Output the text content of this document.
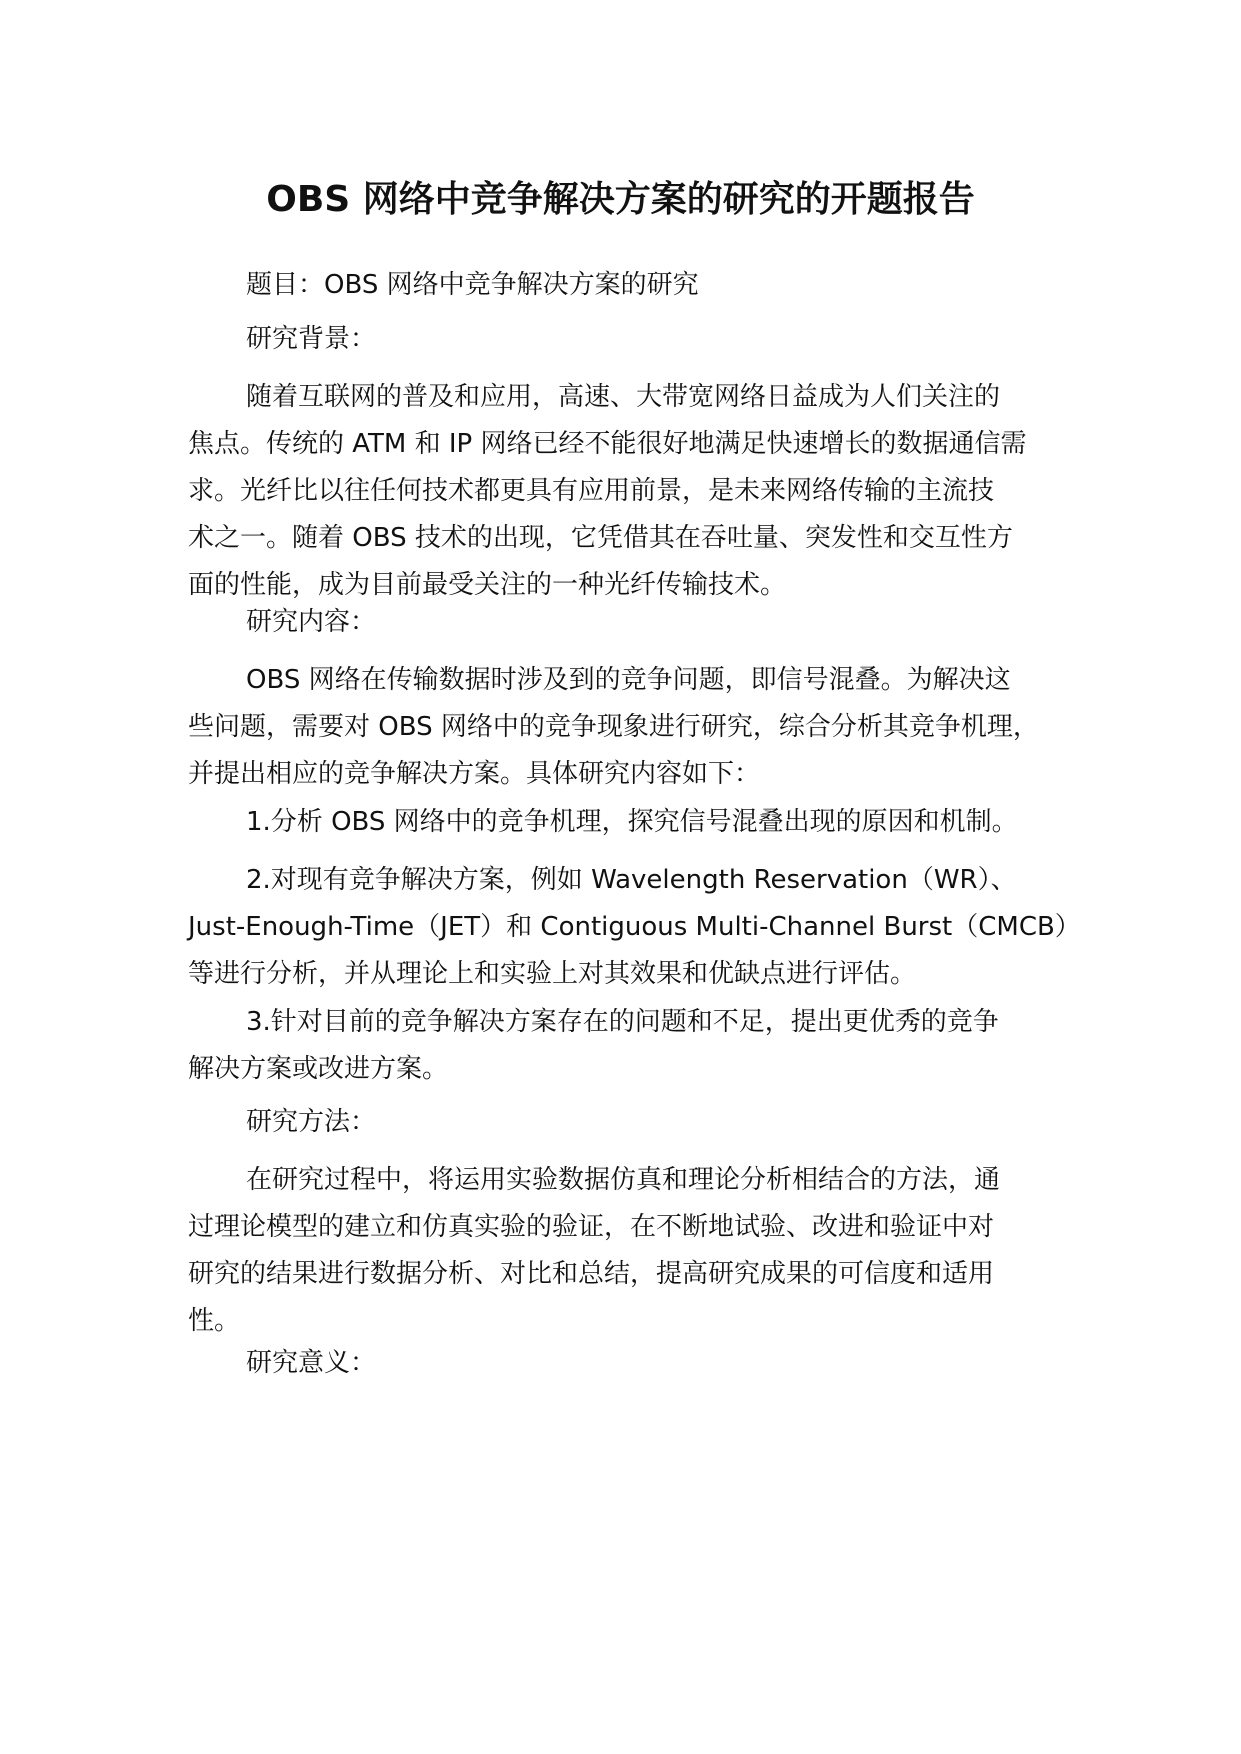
OBS 网络中竞争解决方案的研究的开题报告
题目：OBS 网络中竞争解决方案的研究
研究背景：
随着互联网的普及和应用，高速、大带宽网络日益成为人们关注的
焦点。传统的 ATM 和 IP 网络已经不能很好地满足快速增长的数据通信需
求。光纤比以往任何技术都更具有应用前景，是未来网络传输的主流技
术之一。随着 OBS 技术的出现，它凭借其在吞吐量、突发性和交互性方
面的性能，成为目前最受关注的一种光纤传输技术。
研究内容：
OBS 网络在传输数据时涉及到的竞争问题，即信号混叠。为解决这
些问题，需要对 OBS 网络中的竞争现象进行研究，综合分析其竞争机理，
并提出相应的竞争解决方案。具体研究内容如下：
1.分析 OBS 网络中的竞争机理，探究信号混叠出现的原因和机制。
2.对现有竞争解决方案，例如 Wavelength Reservation（WR）、
Just-Enough-Time（JET）和 Contiguous Multi-Channel Burst（CMCB）
等进行分析，并从理论上和实验上对其效果和优缺点进行评估。
3.针对目前的竞争解决方案存在的问题和不足，提出更优秀的竞争
解决方案或改进方案。
研究方法：
在研究过程中，将运用实验数据仿真和理论分析相结合的方法，通
过理论模型的建立和仿真实验的验证，在不断地试验、改进和验证中对
研究的结果进行数据分析、对比和总结，提高研究成果的可信度和适用
性。
研究意义：
